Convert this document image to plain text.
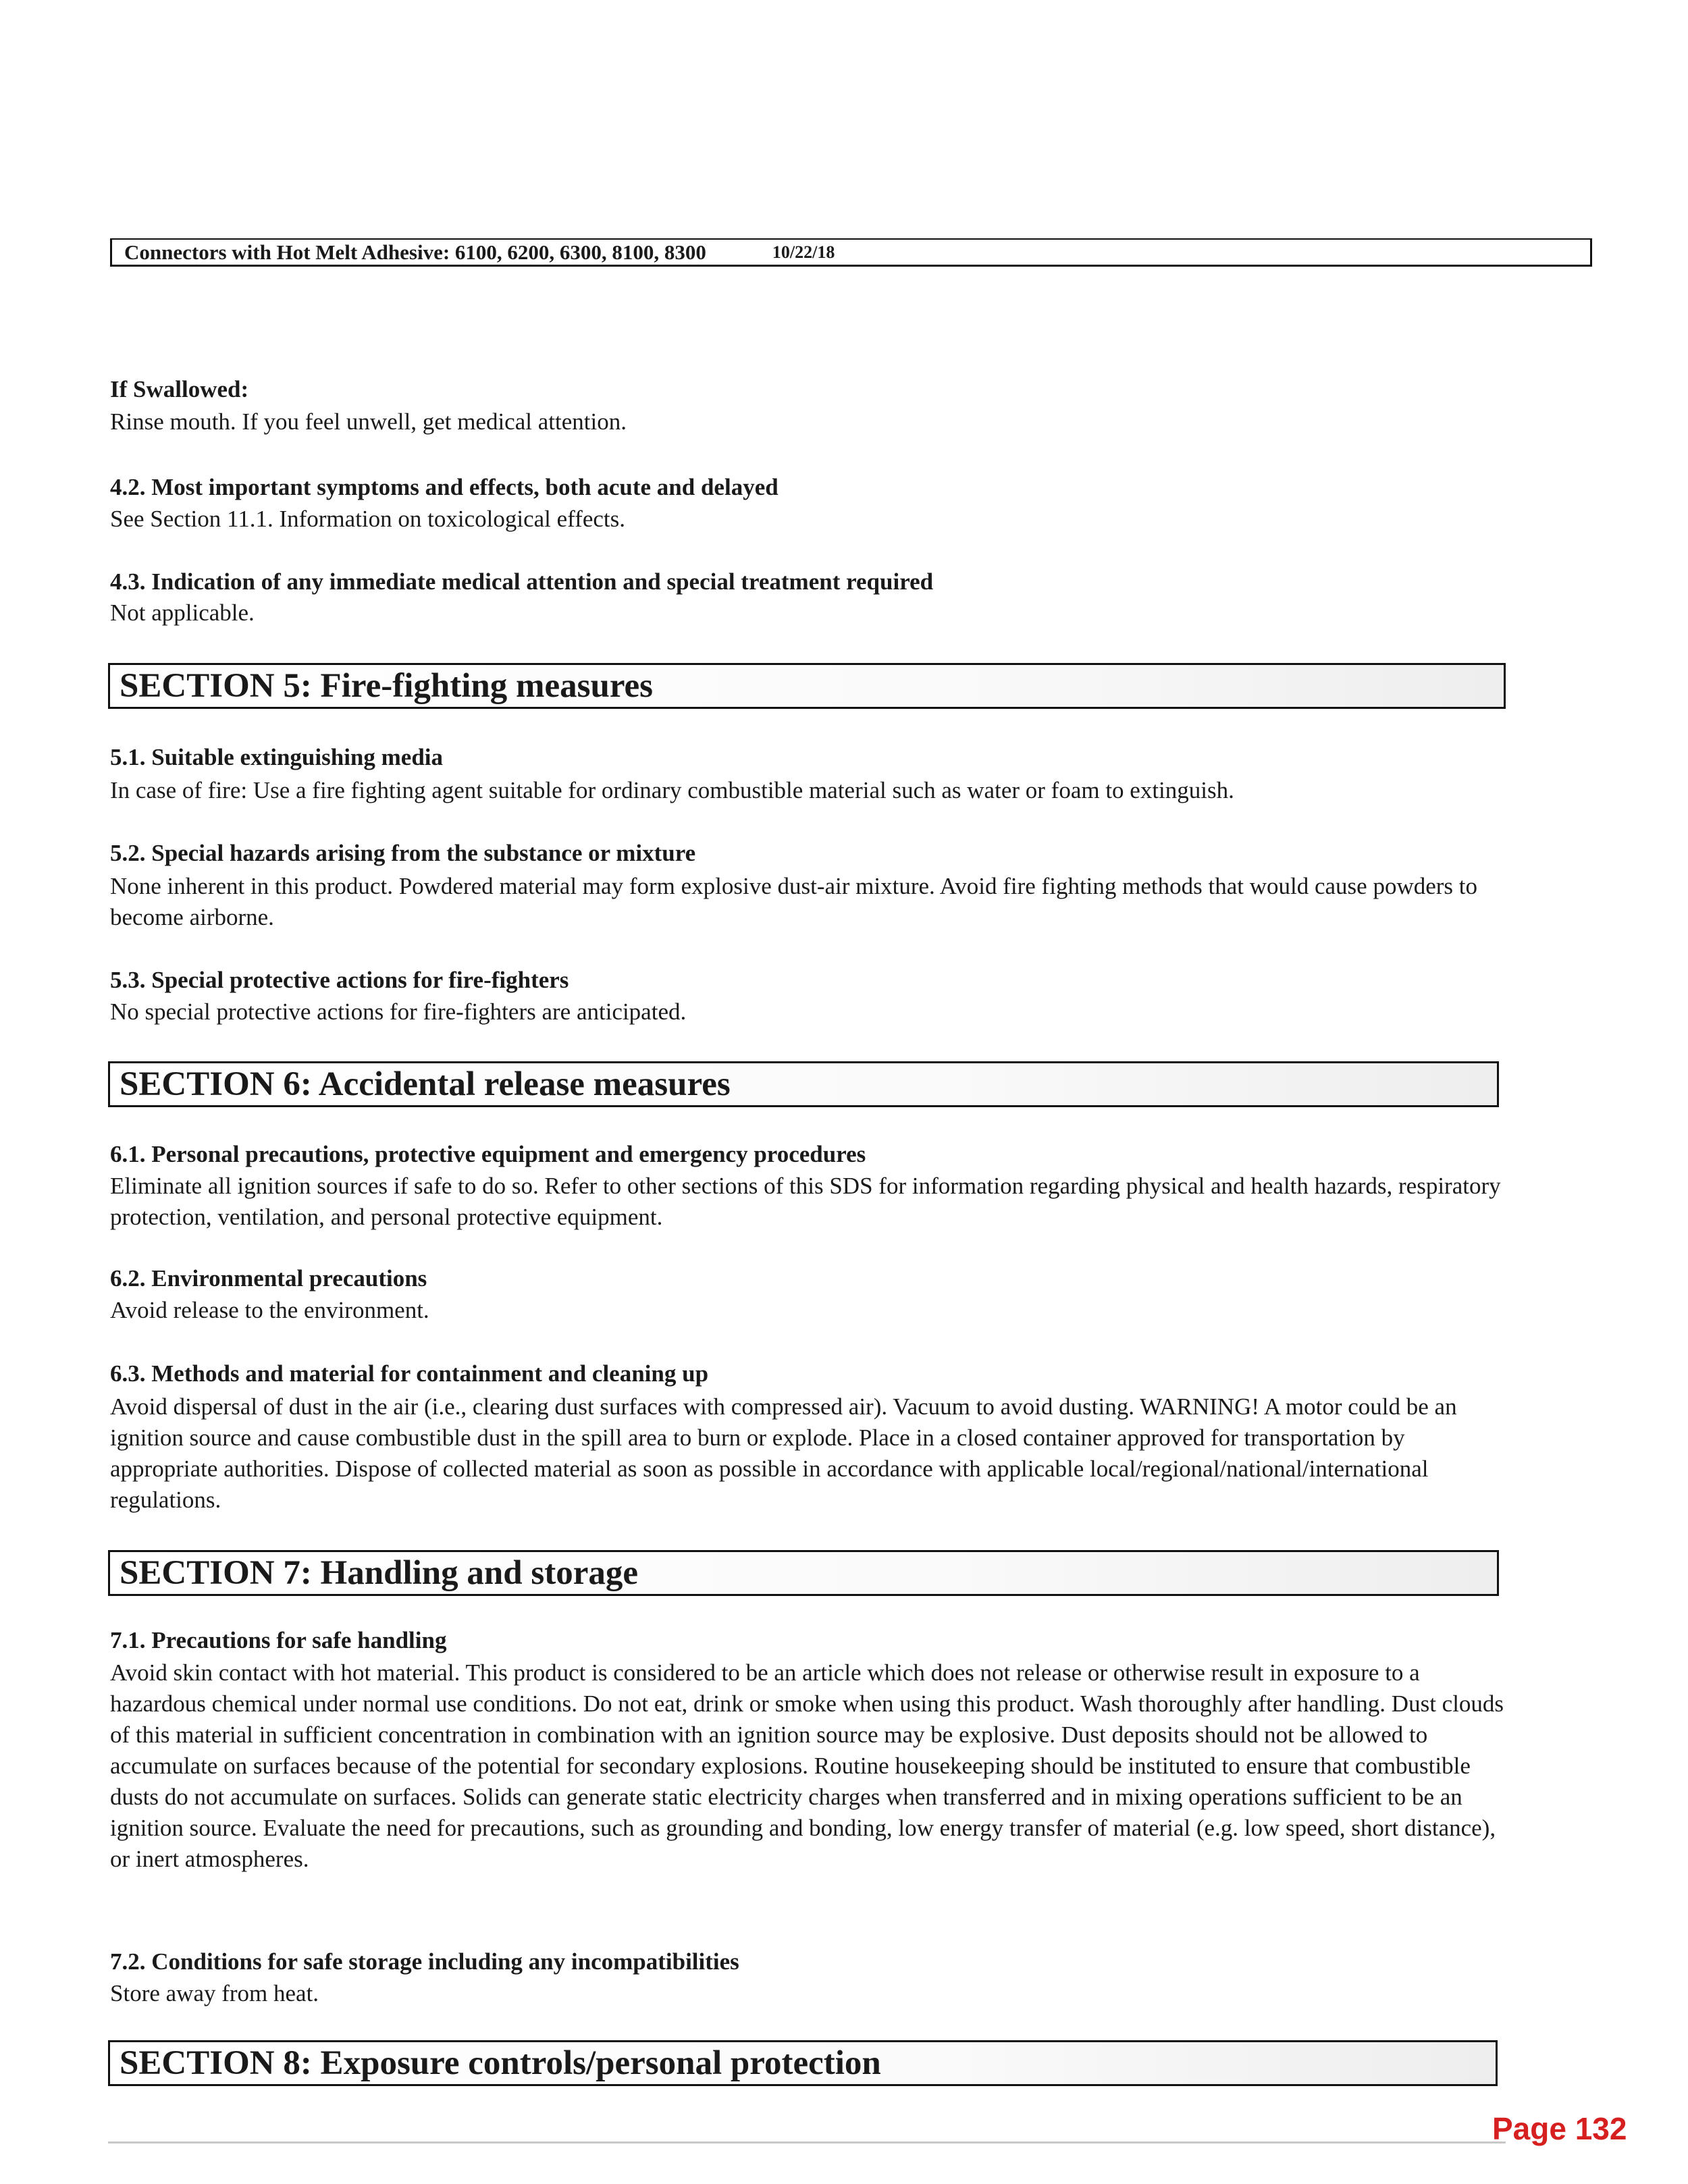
Connectors with Hot Melt Adhesive: 6100, 6200, 6300, 8100, 8300	10/22/18

If Swallowed:

Rinse mouth. If you feel unwell, get medical attention.

4.2. Most important symptoms and effects, both acute and delayed

See Section 11.1. Information on toxicological effects.

4.3. Indication of any immediate medical attention and special treatment required

Not applicable.

SECTION 5: Fire-fighting measures

5.1. Suitable extinguishing media

In case of fire: Use a fire fighting agent suitable for ordinary combustible material such as water or foam to extinguish.

5.2. Special hazards arising from the substance or mixture

None inherent in this product. Powdered material may form explosive dust-air mixture. Avoid fire fighting methods that would cause powders to become airborne.

5.3. Special protective actions for fire-fighters

No special protective actions for fire-fighters are anticipated.

SECTION 6: Accidental release measures

6.1. Personal precautions, protective equipment and emergency procedures

Eliminate all ignition sources if safe to do so. Refer to other sections of this SDS for information regarding physical and health hazards, respiratory protection, ventilation, and personal protective equipment.

6.2. Environmental precautions

Avoid release to the environment.

6.3. Methods and material for containment and cleaning up

Avoid dispersal of dust in the air (i.e., clearing dust surfaces with compressed air). Vacuum to avoid dusting. WARNING! A motor could be an ignition source and cause combustible dust in the spill area to burn or explode. Place in a closed container approved for transportation by appropriate authorities. Dispose of collected material as soon as possible in accordance with applicable local/regional/national/international regulations.

SECTION 7: Handling and storage

7.1. Precautions for safe handling

Avoid skin contact with hot material. This product is considered to be an article which does not release or otherwise result in exposure to a hazardous chemical under normal use conditions. Do not eat, drink or smoke when using this product. Wash thoroughly after handling. Dust clouds of this material in sufficient concentration in combination with an ignition source may be explosive. Dust deposits should not be allowed to accumulate on surfaces because of the potential for secondary explosions. Routine housekeeping should be instituted to ensure that combustible dusts do not accumulate on surfaces. Solids can generate static electricity charges when transferred and in mixing operations sufficient to be an ignition source. Evaluate the need for precautions, such as grounding and bonding, low energy transfer of material (e.g. low speed, short distance), or inert atmospheres.

7.2. Conditions for safe storage including any incompatibilities

Store away from heat.

SECTION 8: Exposure controls/personal protection
Page 132
